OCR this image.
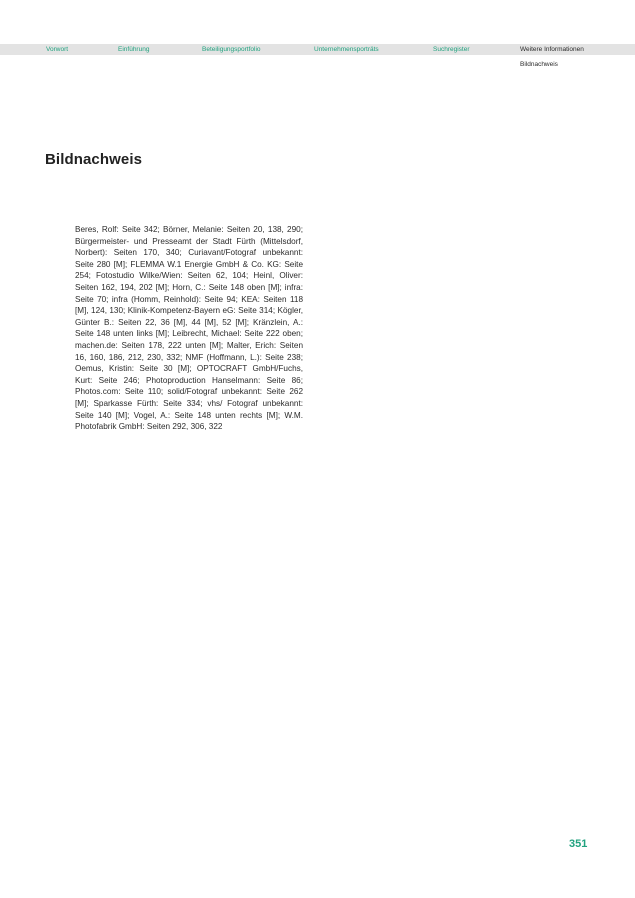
Vorwort	Einführung	Beteiligungsportfolio	Unternehmensporträts	Suchregister	Weitere Informationen
Bildnachweis
Bildnachweis

Beres, Rolf: Seite 342; Börner, Melanie: Seiten 20, 138, 290; Bürgermeister- und Presseamt der Stadt Fürth (Mittelsdorf, Norbert): Seiten 170, 340; Curiavant/Fotograf unbekannt: Seite 280 [M]; FLEMMA W.1 Energie GmbH & Co. KG: Seite 254; Fotostudio Wilke/Wien: Seiten 62, 104; Heinl, Oliver: Seiten 162, 194, 202 [M]; Horn, C.: Seite 148 oben [M]; infra: Seite 70; infra (Homm, Reinhold): Seite 94; KEA: Seiten 118 [M], 124, 130; Klinik-Kompetenz-Bayern eG: Seite 314; Kögler, Günter B.: Seiten 22, 36 [M], 44 [M], 52 [M]; Kränzlein, A.: Seite 148 unten links [M]; Leibrecht, Michael: Seite 222 oben; machen.de: Seiten 178, 222 unten [M]; Malter, Erich: Seiten 16, 160, 186, 212, 230, 332; NMF (Hoffmann, L.): Seite 238; Oemus, Kristin: Seite 30 [M]; OPTOCRAFT GmbH/Fuchs, Kurt: Seite 246; Photoproduction Hanselmann: Seite 86; Photos.com: Seite 110; solid/Fotograf unbekannt: Seite 262 [M]; Sparkasse Fürth: Seite 334; vhs/ Fotograf unbekannt: Seite 140 [M]; Vogel, A.: Seite 148 unten rechts [M]; W.M. Photofabrik GmbH: Seiten 292, 306, 322

351
